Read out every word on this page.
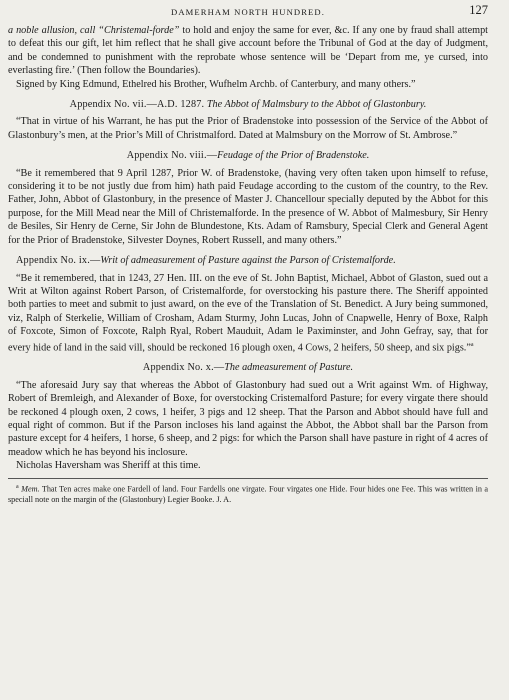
DAMERHAM NORTH HUNDRED.	127

a noble allusion, call “Christemal-forde” to hold and enjoy the same for ever, &c. If any one by fraud shall attempt to defeat this our gift, let him reflect that he shall give account before the Tribunal of God at the day of Judgment, and be condemned to punishment with the reprobate whose sentence will be ‘Depart from me, ye cursed, into everlasting fire.’ (Then follow the Boundaries).

Signed by King Edmund, Ethelred his Brother, Wufhelm Archb. of Canterbury, and many others.”

Appendix No. vii.—A.D. 1287. The Abbot of Malmsbury to the Abbot of Glastonbury.

“That in virtue of his Warrant, he has put the Prior of Bradenstoke into possession of the Service of the Abbot of Glastonbury’s men, at the Prior’s Mill of Christmalford. Dated at Malmsbury on the Morrow of St. Ambrose.”

Appendix No. viii.—Feudage of the Prior of Bradenstoke.

“Be it remembered that 9 April 1287, Prior W. of Bradenstoke, (having very often taken upon himself to refuse, considering it to be not justly due from him) hath paid Feudage according to the custom of the country, to the Rev. Father, John, Abbot of Glastonbury, in the presence of Master J. Chancellour specially deputed by the Abbot for this purpose, for the Mill Mead near the Mill of Christemalforde. In the presence of W. Abbot of Malmesbury, Sir Henry de Besiles, Sir Henry de Cerne, Sir John de Blundestone, Kts. Adam of Ramsbury, Special Clerk and General Agent for the Prior of Bradenstoke, Silvester Doynes, Robert Russell, and many others.”

Appendix No. ix.—Writ of admeasurement of Pasture against the Parson of Cristemalforde.

“Be it remembered, that in 1243, 27 Hen. III. on the eve of St. John Baptist, Michael, Abbot of Glaston, sued out a Writ at Wilton against Robert Parson, of Cristemalforde, for overstocking his pasture there. The Sheriff appointed both parties to meet and submit to just award, on the eve of the Translation of St. Benedict. A Jury being summoned, viz, Ralph of Sterkelie, William of Crosham, Adam Sturmy, John Lucas, John of Cnapwelle, Henry of Boxe, Ralph of Foxcote, Simon of Foxcote, Ralph Ryal, Robert Mauduit, Adam le Paximinster, and John Gefray, say, that for every hide of land in the said vill, should be reckoned 16 plough oxen, 4 Cows, 2 heifers, 50 sheep, and six pigs.”$^a$

Appendix No. x.—The admeasurement of Pasture.

“The aforesaid Jury say that whereas the Abbot of Glastonbury had sued out a Writ against Wm. of Highway, Robert of Bremleigh, and Alexander of Boxe, for overstocking Cristemalford Pasture; for every virgate there should be reckoned 4 plough oxen, 2 cows, 1 heifer, 3 pigs and 12 sheep. That the Parson and Abbot should have full and equal right of common. But if the Parson incloses his land against the Abbot, the Abbot shall bar the Parson from pasture except for 4 heifers, 1 horse, 6 sheep, and 2 pigs: for which the Parson shall have pasture in right of 4 acres of meadow which he has beyond his inclosure.

Nicholas Haversham was Sheriff at this time.

$^a$ Mem. That Ten acres make one Fardell of land. Four Fardells one virgate. Four virgates one Hide. Four hides one Fee. This was written in a speciall note on the margin of the (Glastonbury) Legier Booke. J. A.
